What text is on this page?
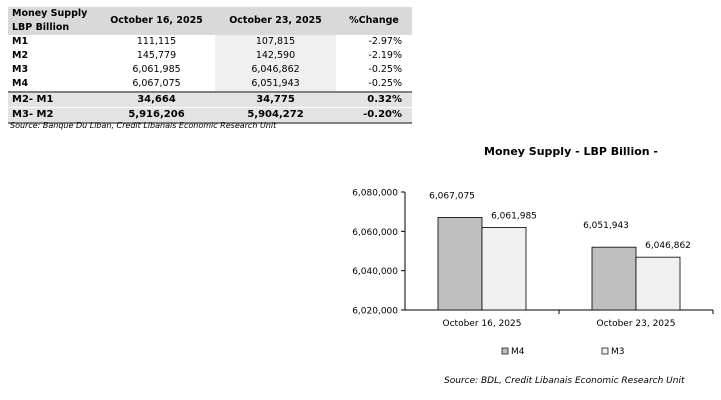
Money Supply
LBP Billion	October 16, 2025	October 23, 2025	%Change
M1	111,115	107,815	-2.97%
M2	145,779	142,590	-2.19%
M3	6,061,985	6,046,862	-0.25%
M4	6,067,075	6,051,943	-0.25%
M2- M1	34,664	34,775	0.32%
M3- M2	5,916,206	5,904,272	-0.20%
Source: Banque Du Liban, Credit Libanais Economic Research Unit
Money Supply - LBP Billion -
6,020,000
6,040,000
6,060,000
6,080,000
October 16, 2025
6,067,075
6,061,985
October 23, 2025
6,051,943
6,046,862
M4	M3
Source: BDL, Credit Libanais Economic Research Unit
